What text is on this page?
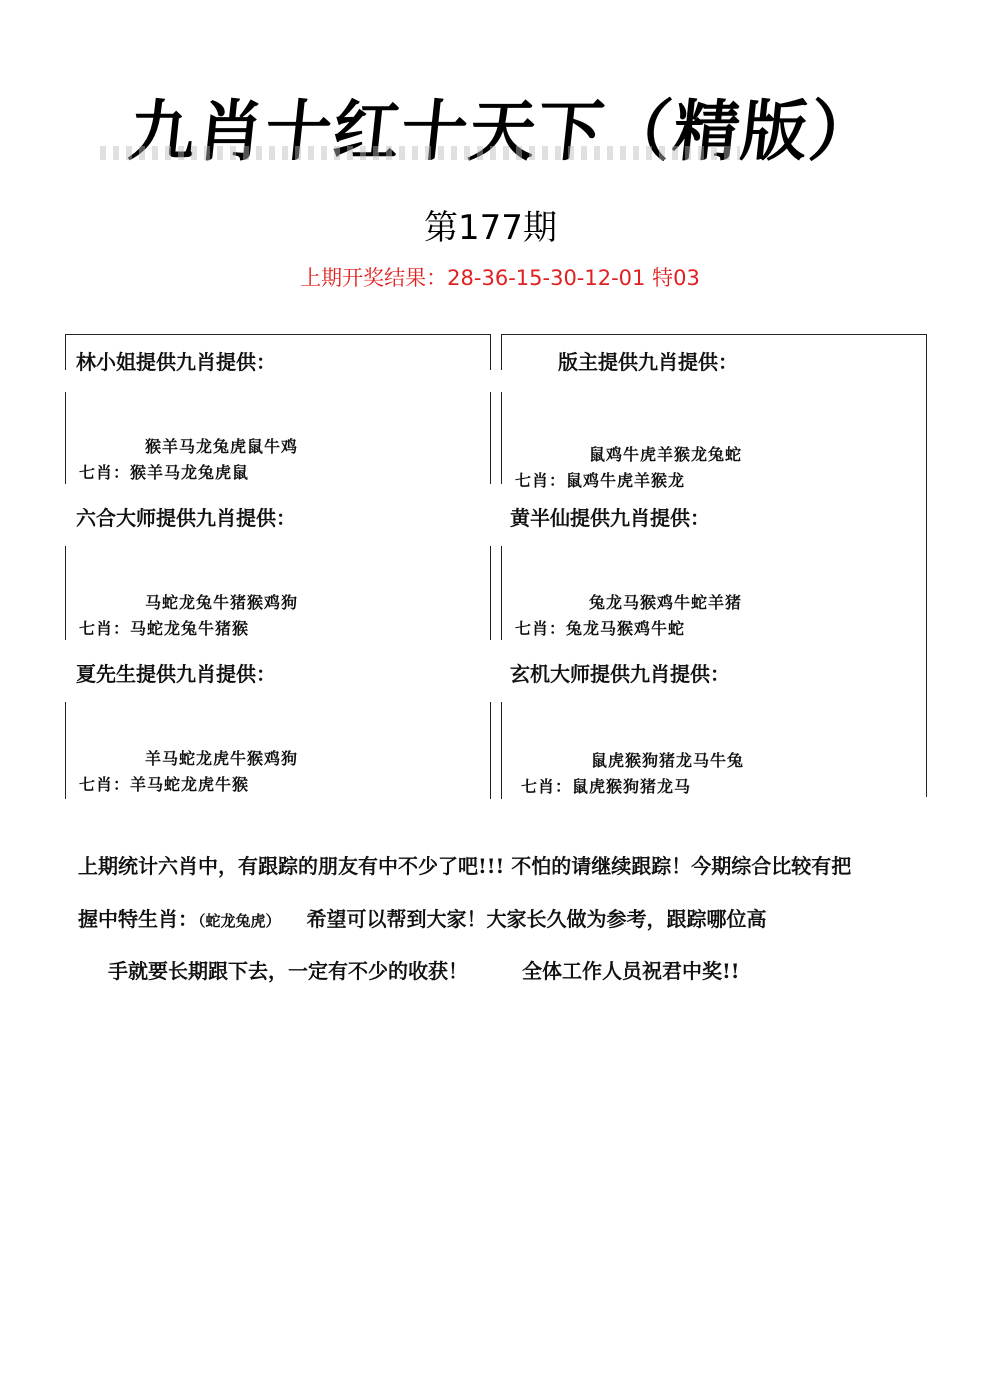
九肖十红十天下（精版）
第177期
上期开奖结果：28-36-15-30-12-01 特03
林小姐提供九肖提供：
猴羊马龙兔虎鼠牛鸡
七肖：猴羊马龙兔虎鼠
六合大师提供九肖提供：
马蛇龙兔牛猪猴鸡狗
七肖：马蛇龙兔牛猪猴
夏先生提供九肖提供：
羊马蛇龙虎牛猴鸡狗
七肖：羊马蛇龙虎牛猴
版主提供九肖提供：
鼠鸡牛虎羊猴龙兔蛇
七肖：鼠鸡牛虎羊猴龙
黄半仙提供九肖提供：
兔龙马猴鸡牛蛇羊猪
七肖：兔龙马猴鸡牛蛇
玄机大师提供九肖提供：
鼠虎猴狗猪龙马牛兔
七肖：鼠虎猴狗猪龙马
上期统计六肖中，有跟踪的朋友有中不少了吧!!! 不怕的请继续跟踪！今期综合比较有把
握中特生肖：（蛇龙兔虎） 希望可以帮到大家！大家长久做为参考，跟踪哪位高
手就要长期跟下去，一定有不少的收获！	全体工作人员祝君中奖!!
